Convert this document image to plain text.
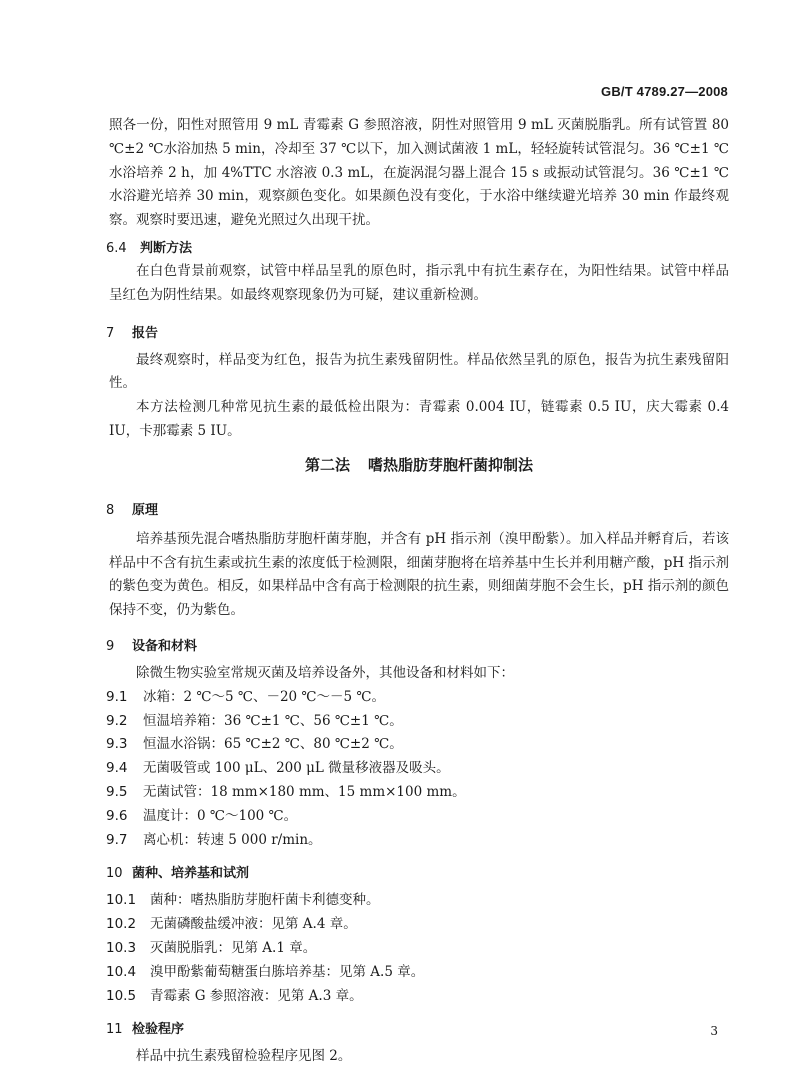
GB/T 4789.27—2008

照各一份，阳性对照管用 9 mL 青霉素 G 参照溶液，阴性对照管用 9 mL 灭菌脱脂乳。所有试管置 80 ℃±2 ℃水浴加热 5 min，冷却至 37 ℃以下，加入测试菌液 1 mL，轻轻旋转试管混匀。36 ℃±1 ℃水浴培养 2 h，加 4%TTC 水溶液 0.3 mL，在旋涡混匀器上混合 15 s 或振动试管混匀。36 ℃±1 ℃水浴避光培养 30 min，观察颜色变化。如果颜色没有变化，于水浴中继续避光培养 30 min 作最终观察。观察时要迅速，避免光照过久出现干扰。

6.4 判断方法

在白色背景前观察，试管中样品呈乳的原色时，指示乳中有抗生素存在，为阳性结果。试管中样品呈红色为阴性结果。如最终观察现象仍为可疑，建议重新检测。

7 报告

最终观察时，样品变为红色，报告为抗生素残留阴性。样品依然呈乳的原色，报告为抗生素残留阳性。

本方法检测几种常见抗生素的最低检出限为：青霉素 0.004 IU，链霉素 0.5 IU，庆大霉素 0.4 IU，卡那霉素 5 IU。

第二法 嗜热脂肪芽胞杆菌抑制法

8 原理

培养基预先混合嗜热脂肪芽胞杆菌芽胞，并含有 pH 指示剂（溴甲酚紫）。加入样品并孵育后，若该样品中不含有抗生素或抗生素的浓度低于检测限，细菌芽胞将在培养基中生长并利用糖产酸，pH 指示剂的紫色变为黄色。相反，如果样品中含有高于检测限的抗生素，则细菌芽胞不会生长，pH 指示剂的颜色保持不变，仍为紫色。

9 设备和材料

除微生物实验室常规灭菌及培养设备外，其他设备和材料如下：

9.1 冰箱：2 ℃～5 ℃、－20 ℃～－5 ℃。

9.2 恒温培养箱：36 ℃±1 ℃、56 ℃±1 ℃。

9.3 恒温水浴锅：65 ℃±2 ℃、80 ℃±2 ℃。

9.4 无菌吸管或 100 μL、200 μL 微量移液器及吸头。

9.5 无菌试管：18 mm×180 mm、15 mm×100 mm。

9.6 温度计：0 ℃～100 ℃。

9.7 离心机：转速 5 000 r/min。

10 菌种、培养基和试剂

10.1 菌种：嗜热脂肪芽胞杆菌卡利德变种。

10.2 无菌磷酸盐缓冲液：见第 A.4 章。

10.3 灭菌脱脂乳：见第 A.1 章。

10.4 溴甲酚紫葡萄糖蛋白胨培养基：见第 A.5 章。

10.5 青霉素 G 参照溶液：见第 A.3 章。

11 检验程序

样品中抗生素残留检验程序见图 2。

3
